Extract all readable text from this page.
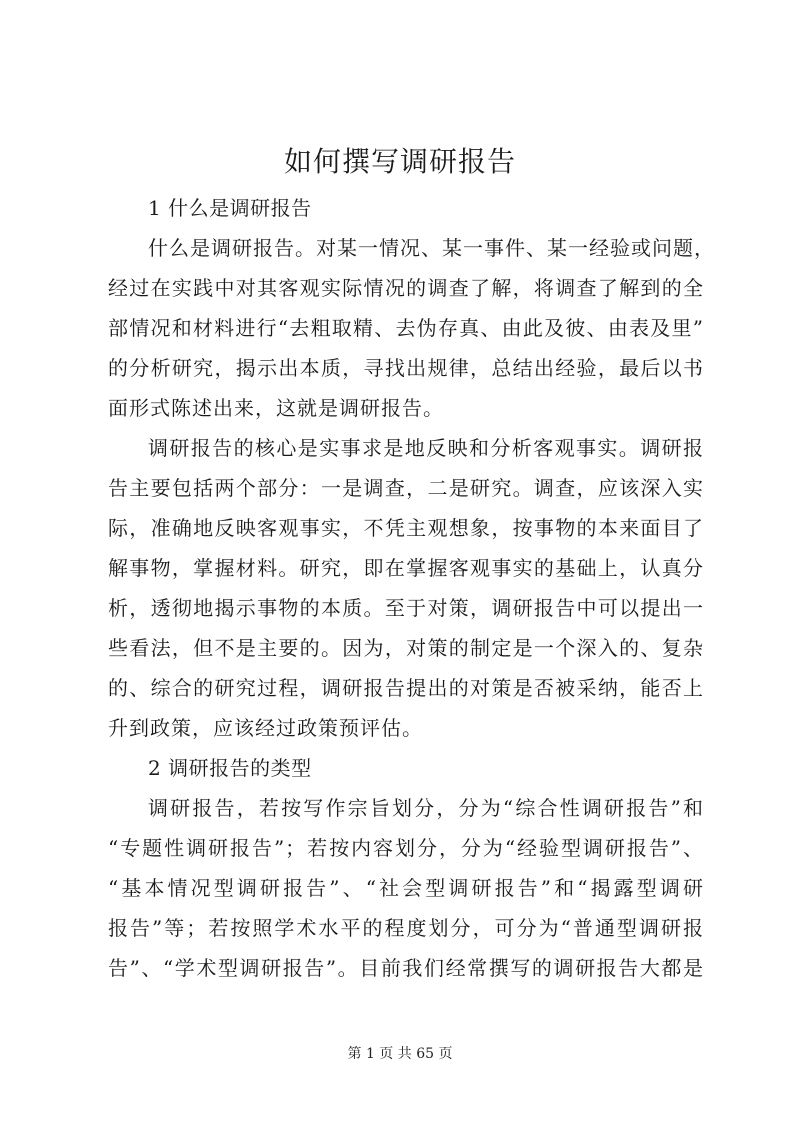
如何撰写调研报告

1 什么是调研报告

什么是调研报告。对某一情况、某一事件、某一经验或问题，
经过在实践中对其客观实际情况的调查了解，将调查了解到的全
部情况和材料进行“去粗取精、去伪存真、由此及彼、由表及里”
的分析研究，揭示出本质，寻找出规律，总结出经验，最后以书
面形式陈述出来，这就是调研报告。

调研报告的核心是实事求是地反映和分析客观事实。调研报
告主要包括两个部分：一是调查，二是研究。调查，应该深入实
际，准确地反映客观事实，不凭主观想象，按事物的本来面目了
解事物，掌握材料。研究，即在掌握客观事实的基础上，认真分
析，透彻地揭示事物的本质。至于对策，调研报告中可以提出一
些看法，但不是主要的。因为，对策的制定是一个深入的、复杂
的、综合的研究过程，调研报告提出的对策是否被采纳，能否上
升到政策，应该经过政策预评估。

2 调研报告的类型

调研报告，若按写作宗旨划分，分为“综合性调研报告”和
“专题性调研报告”；若按内容划分，分为“经验型调研报告”、
“基本情况型调研报告”、“社会型调研报告”和“揭露型调研
报告”等；若按照学术水平的程度划分，可分为“普通型调研报
告”、“学术型调研报告”。目前我们经常撰写的调研报告大都是

第 1 页 共 65 页
